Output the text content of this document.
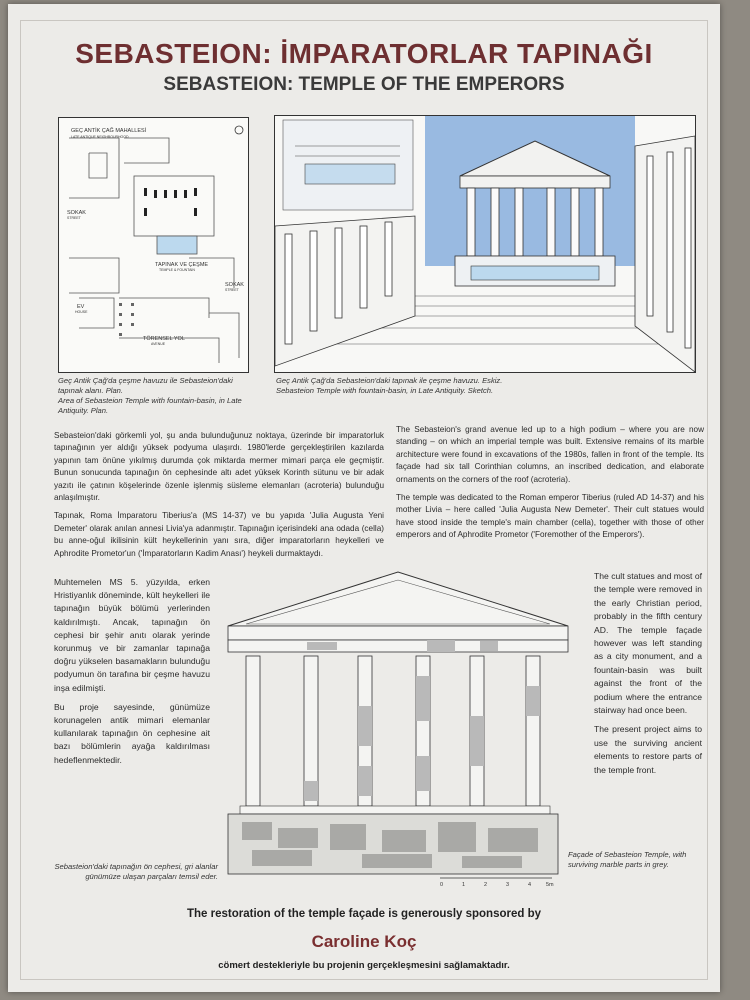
SEBASTEION: İMPARATORLAR TAPINAĞI
SEBASTEION: TEMPLE OF THE EMPERORS
GEÇ ANTİK ÇAĞ MAHALLESİ
LATE ANTIQUE NEIGHBOURHOOD
SOKAK
STREET
TAPINAK VE ÇEŞME
TEMPLE & FOUNTAIN
SOKAK
STREET
EV
HOUSE
TÖRENSEL YOL
AVENUE
Geç Antik Çağ'da çeşme havuzu ile Sebasteion'daki tapınak alanı. Plan.
Area of Sebasteion Temple with fountain-basin, in Late Antiquity. Plan.
Geç Antik Çağ'da Sebasteion'daki tapınak ile çeşme havuzu. Eskiz.
Sebasteion Temple with fountain-basin, in Late Antiquity. Sketch.

Sebasteion'daki görkemli yol, şu anda bulunduğunuz noktaya, üzerinde bir imparatorluk tapınağının yer aldığı yüksek podyuma ulaşırdı. 1980'lerde gerçekleştirilen kazılarda yapının tam önüne yıkılmış durumda çok miktarda mermer mimari parça ele geçmiştir. Bunun sonucunda tapınağın ön cephesinde altı adet yüksek Korinth sütunu ve bir adak yazıtı ile çatının köşelerinde özenle işlenmiş süsleme elemanları (acroteria) bulunduğu anlaşılmıştır.

Tapınak, Roma İmparatoru Tiberius'a (MS 14-37) ve bu yapıda 'Julia Augusta Yeni Demeter' olarak anılan annesi Livia'ya adanmıştır. Tapınağın içerisindeki ana odada (cella) bu anne-oğul ikilisinin kült heykellerinin yanı sıra, diğer imparatorların heykelleri ve Aphrodite Prometor'un ('İmparatorların Kadim Anası') heykeli durmaktaydı.

The Sebasteion's grand avenue led up to a high podium – where you are now standing – on which an imperial temple was built. Extensive remains of its marble architecture were found in excavations of the 1980s, fallen in front of the temple. Its façade had six tall Corinthian columns, an inscribed dedication, and elaborate ornaments on the corners of the roof (acroteria).

The temple was dedicated to the Roman emperor Tiberius (ruled AD 14-37) and his mother Livia – here called 'Julia Augusta New Demeter'. Their cult statues would have stood inside the temple's main chamber (cella), together with those of other emperors and of Aphrodite Prometor ('Foremother of the Emperors').

Muhtemelen MS 5. yüzyılda, erken Hristiyanlık döneminde, kült heykelleri ile tapınağın büyük bölümü yerlerinden kaldırılmıştı. Ancak, tapınağın ön cephesi bir şehir anıtı olarak yerinde korunmuş ve bir zamanlar tapınağa doğru yükselen basamakların bulunduğu podyumun ön tarafına bir çeşme havuzu inşa edilmişti.

Bu proje sayesinde, günümüze korunagelen antik mimari elemanlar kullanılarak tapınağın ön cephesine ait bazı bölümlerin ayağa kaldırılması hedeflenmektedir.

The cult statues and most of the temple were removed in the early Christian period, probably in the fifth century AD. The temple façade however was left standing as a city monument, and a fountain-basin was built against the front of the podium where the entrance stairway had once been.

The present project aims to use the surviving ancient elements to restore parts of the temple front.

0	1	2	3	4	5m
Sebasteion'daki tapınağın ön cephesi, gri alanlar günümüze ulaşan parçaları temsil eder.
Façade of Sebasteion Temple, with surviving marble parts in grey.
The restoration of the temple façade is generously sponsored by
Caroline Koç
cömert destekleriyle bu projenin gerçekleşmesini sağlamaktadır.
